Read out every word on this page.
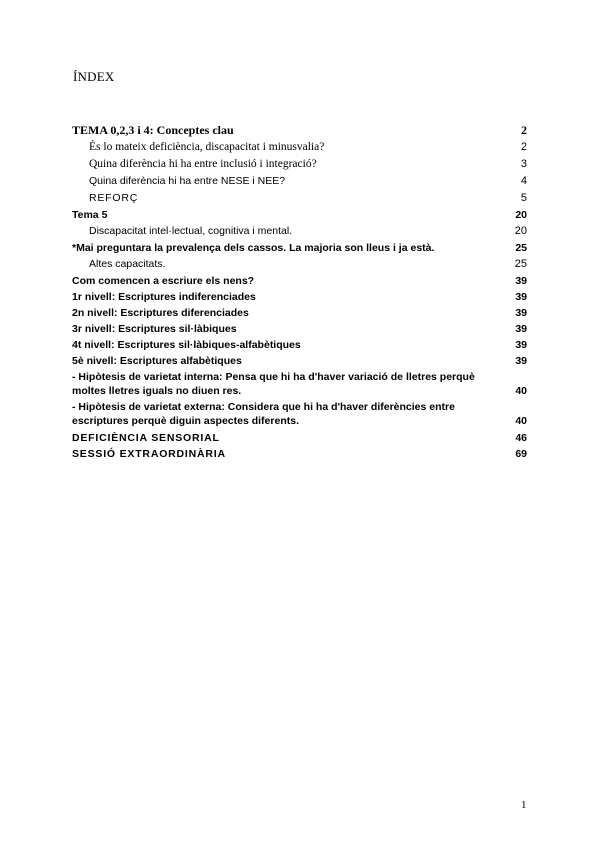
ÍNDEX
TEMA 0,2,3 i 4: Conceptes clau	2
És lo mateix deficiència, discapacitat i minusvalia?	2
Quina diferència hi ha entre inclusió i integració?	3
Quina diferència hi ha entre NESE i NEE?	4
REFORÇ	5
Tema 5	20
Discapacitat intel·lectual, cognitiva i mental.	20
*Mai preguntara la prevalença dels cassos. La majoria son lleus i ja està.	25
Altes capacitats.	25
Com comencen a escriure els nens?	39
1r nivell: Escriptures indiferenciades	39
2n nivell: Escriptures diferenciades	39
3r nivell: Escriptures sil·làbiques	39
4t nivell: Escriptures sil·làbiques-alfabètiques	39
5è nivell: Escriptures alfabètiques	39
- Hipòtesis de varietat interna: Pensa que hi ha d'haver variació de lletres perquè moltes lletres iguals no diuen res.	40
- Hipòtesis de varietat externa: Considera que hi ha d'haver diferències entre escriptures perquè diguin aspectes diferents.	40
DEFICIÈNCIA SENSORIAL	46
SESSIÓ EXTRAORDINÀRIA	69
1
